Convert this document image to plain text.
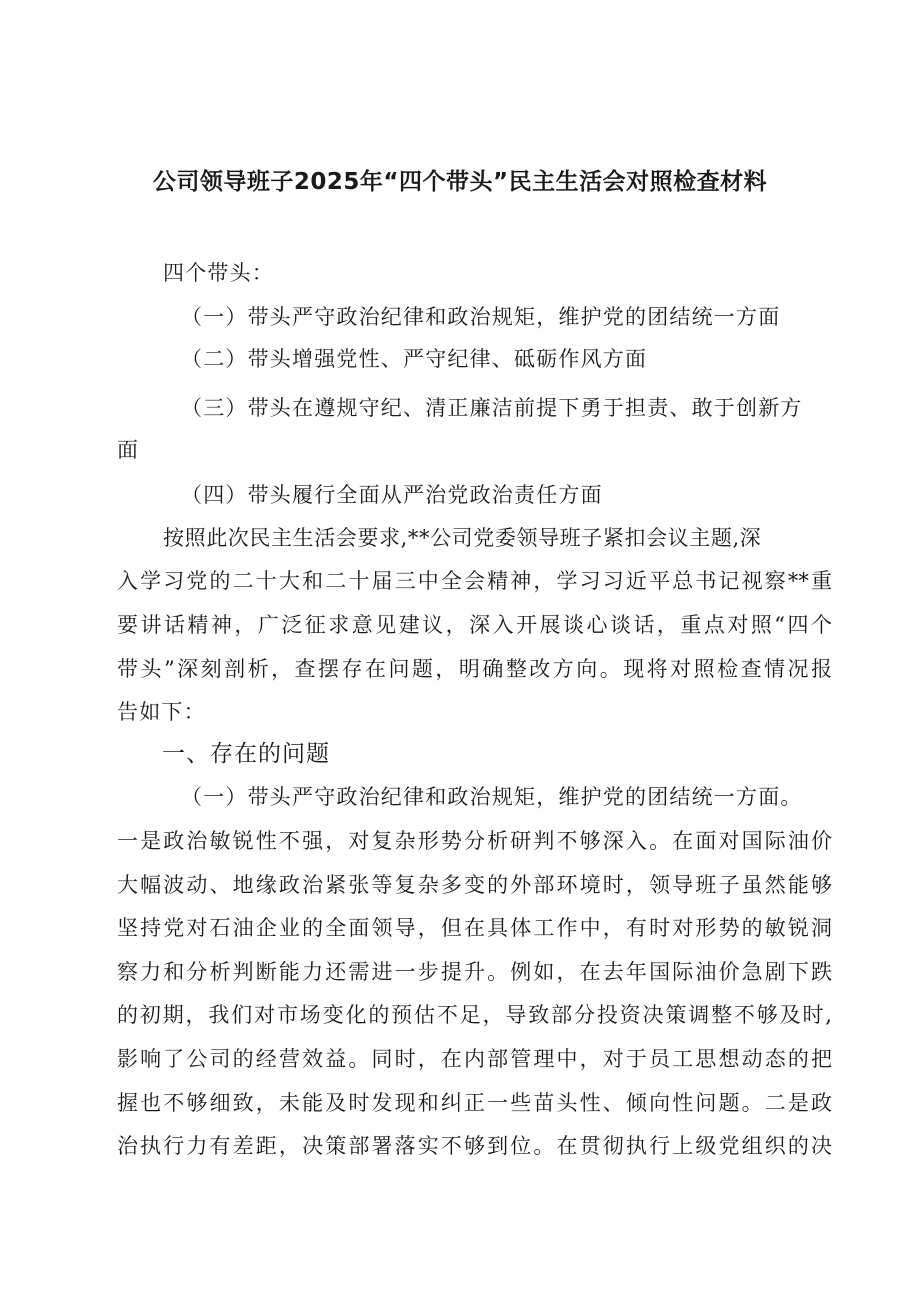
公司领导班子2025年“四个带头”民主生活会对照检查材料
四个带头：
（一）带头严守政治纪律和政治规矩，维护党的团结统一方面
（二）带头增强党性、严守纪律、砥砺作风方面
（三）带头在遵规守纪、清正廉洁前提下勇于担责、敢于创新方
面
（四）带头履行全面从严治党政治责任方面
按照此次民主生活会要求,**公司党委领导班子紧扣会议主题,深
入学习党的二十大和二十届三中全会精神，学习习近平总书记视察**重
要讲话精神，广泛征求意见建议，深入开展谈心谈话，重点对照“四个
带头”深刻剖析，查摆存在问题，明确整改方向。现将对照检查情况报
告如下：
一、存在的问题
（一）带头严守政治纪律和政治规矩，维护党的团结统一方面。
一是政治敏锐性不强，对复杂形势分析研判不够深入。在面对国际油价
大幅波动、地缘政治紧张等复杂多变的外部环境时，领导班子虽然能够
坚持党对石油企业的全面领导，但在具体工作中，有时对形势的敏锐洞
察力和分析判断能力还需进一步提升。例如，在去年国际油价急剧下跌
的初期，我们对市场变化的预估不足，导致部分投资决策调整不够及时,
影响了公司的经营效益。同时，在内部管理中，对于员工思想动态的把
握也不够细致，未能及时发现和纠正一些苗头性、倾向性问题。二是政
治执行力有差距，决策部署落实不够到位。在贯彻执行上级党组织的决
